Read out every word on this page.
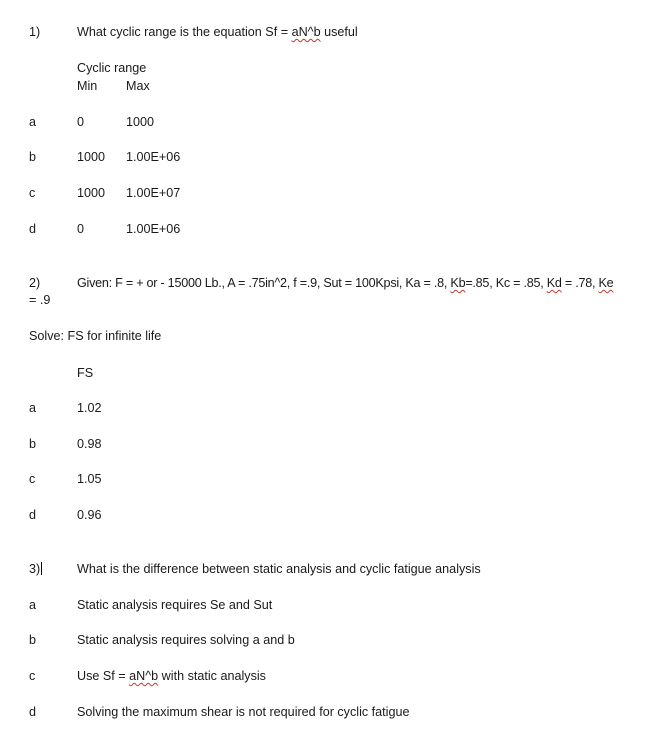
1)	What cyclic range is the equation Sf = aN^b useful
Cyclic range
Min Max
a	0	1000
b	1000 1.00E+06
c	1000 1.00E+07
d	0	1.00E+06
2)	Given: F = + or - 15000 Lb., A = .75in^2, f =.9, Sut = 100Kpsi, Ka = .8, Kb=.85, Kc = .85, Kd = .78, Ke
= .9
Solve: FS for infinite life
FS
a	1.02
b	0.98
c	1.05
d	0.96
3)	What is the difference between static analysis and cyclic fatigue analysis
a	Static analysis requires Se and Sut
b	Static analysis requires solving a and b
c	Use Sf = aN^b with static analysis
d	Solving the maximum shear is not required for cyclic fatigue
